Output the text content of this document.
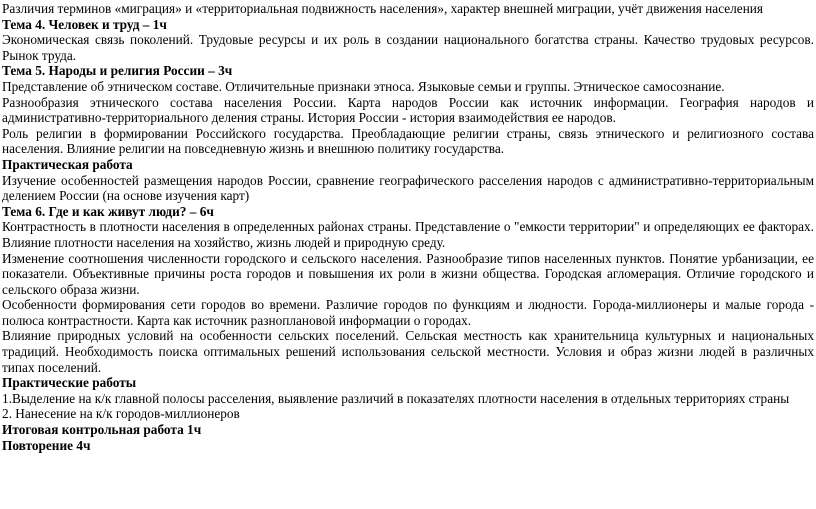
Различия терминов «миграция» и «территориальная подвижность населения», характер внешней миграции, учёт движения населения

Тема 4. Человек и труд – 1ч

Экономическая связь поколений. Трудовые ресурсы и их роль в создании национального богатства страны. Качество трудовых ресурсов. Рынок труда.

Тема 5. Народы и религия России – 3ч

Представление об этническом составе. Отличительные признаки этноса. Языковые семьи и группы. Этническое самосознание.

Разнообразия этнического состава населения России. Карта народов России как источник информации. География народов и административно-территориального деления страны. История России - история взаимодействия ее народов.

Роль религии в формировании Российского государства. Преобладающие религии страны, связь этнического и религиозного состава населения. Влияние религии на повседневную жизнь и внешнюю политику государства.

Практическая работа

Изучение особенностей размещения народов России, сравнение географического расселения народов с административно-территориальным делением России (на основе изучения карт)

Тема 6. Где и как живут люди? – 6ч

Контрастность в плотности населения в определенных районах страны. Представление о "емкости территории" и определяющих ее факторах. Влияние плотности населения на хозяйство, жизнь людей и природную среду.

Изменение соотношения численности городского и сельского населения. Разнообразие типов населенных пунктов. Понятие урбанизации, ее показатели. Объективные причины роста городов и повышения их роли в жизни общества. Городская агломерация. Отличие городского и сельского образа жизни.

Особенности формирования сети городов во времени. Различие городов по функциям и людности. Города-миллионеры и малые города - полюса контрастности. Карта как источник разноплановой информации о городах.

Влияние природных условий на особенности сельских поселений. Сельская местность как хранительница культурных и национальных традиций. Необходимость поиска оптимальных решений использования сельской местности. Условия и образ жизни людей в различных типах поселений.

Практические работы

1.Выделение на к/к главной полосы расселения, выявление различий в показателях плотности населения в отдельных территориях страны

2. Нанесение на к/к городов-миллионеров

Итоговая контрольная работа 1ч

Повторение 4ч
